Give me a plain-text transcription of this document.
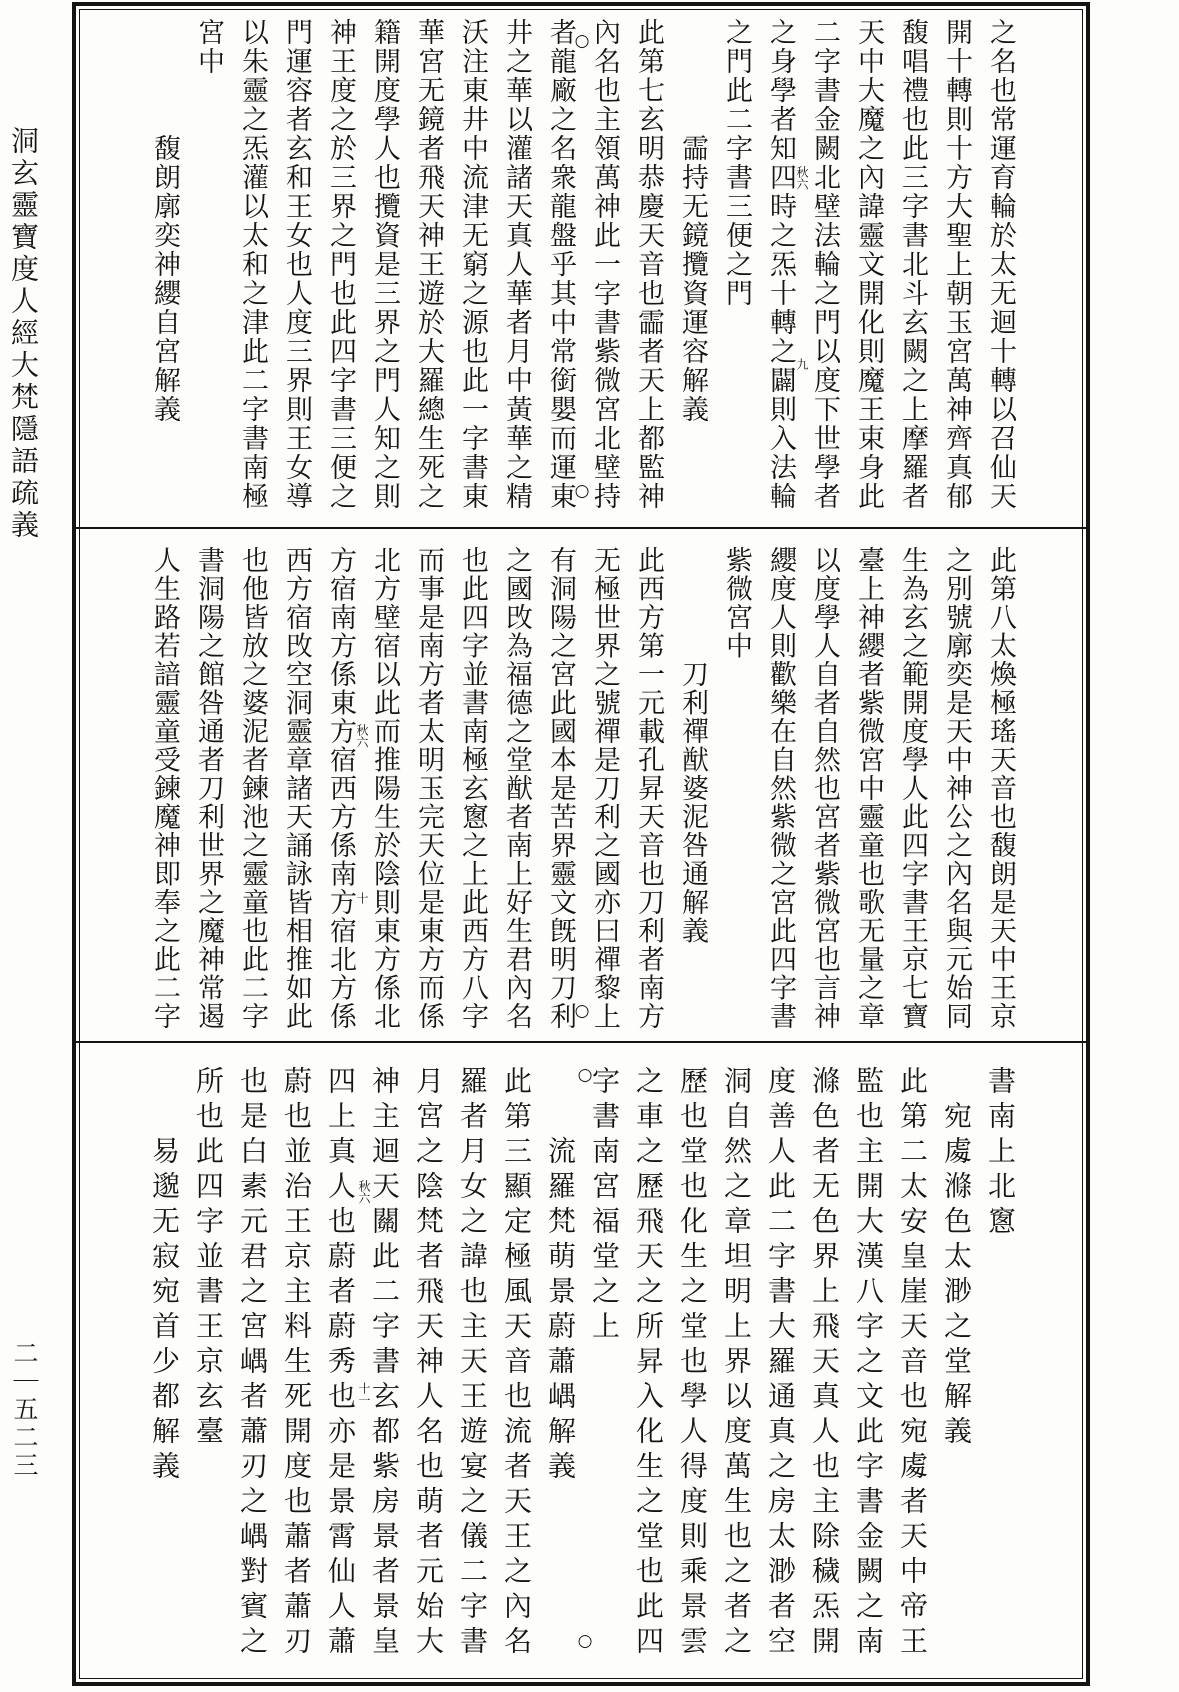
洞玄靈寶度人經大梵隱語疏義
二｜五二三
之名也常運育輪於太无迴十轉以召仙天
開十轉則十方大聖上朝玉宮萬神齊真郁
馥唱禮也此三字書北斗玄闕之上摩羅者
天中大魔之內諱靈文開化則魔王束身此
二字書金闕北壁法輪之門以度下世學者
之身學者知四時之炁十轉之闢則入法輪
之門此二字書三便之門
霝持无鏡攬資運容解義
此第七玄明恭慶天音也霝者天上都監神
內名也主領萬神此一字書紫微宮北壁持
者龍廠之名衆龍盤乎其中常銜嬰而運東
井之華以灌諸天真人華者月中黃華之精
沃注東井中流津无窮之源也此一字書東
華宮无鏡者飛天神王遊於大羅總生死之
籍開度學人也攬資是三界之門人知之則
神王度之於三界之門也此四字書三便之
門運容者玄和王女也人度三界則王女導
以朱靈之炁灌以太和之津此二字書南極
宮中
馥朗廓奕神纓自宮解義	秋六
九
○
○
此第八太煥極瑤天音也馥朗是天中王京
之別號廓奕是天中神公之內名與元始同
生為玄之範開度學人此四字書王京七寶
臺上神纓者紫微宮中靈童也歌无量之章
以度學人自者自然也宮者紫微宮也言神
纓度人則歡樂在自然紫微之宮此四字書
紫微宮中
刀利禪猷婆泥咎通解義
此西方第一元載孔昇天音也刀利者南方
无極世界之號禪是刀利之國亦曰禪黎上
有洞陽之宮此國本是苦界靈文旣明刀利
之國攺為福德之堂猷者南上好生君內名
也此四字並書南極玄窻之上此西方八字
而事是南方者太明玉完天位是東方而係
北方壁宿以此而推陽生於陰則東方係北
方宿南方係東方宿西方係南方宿北方係
西方宿攺空洞靈章諸天誦詠皆相推如此
也他皆放之婆泥者鍊池之靈童也此二字
書洞陽之館咎通者刀利世界之魔神常遏
人生路若諳靈童受鍊魔神即奉之此二字	秋六
十
○
書南上北窻
宛䖏滌色太渺之堂解義
此第二太安皇崖天音也宛䖏者天中帝王
監也主開大漢八字之文此字書金闕之南
滌色者无色界上飛天真人也主除穢炁開
度善人此二字書大羅通真之房太渺者空
洞自然之章坦明上界以度萬生也之者之
歷也堂也化生之堂也學人得度則乘景雲
之車之歷飛天之所昇入化生之堂也此四
字書南宮福堂之上
流羅梵萌景蔚蕭嵎解義
此第三顯定極風天音也流者天王之內名
羅者月女之諱也主天王遊宴之儀二字書
月宮之陰梵者飛天神人名也萌者元始大
神主迴天關此二字書玄都紫房景者景皇
四上真人也蔚者蔚秀也亦是景霄仙人蕭
蔚也並治王京主料生死開度也蕭者蕭刃
也是白素元君之宮嵎者蕭刃之嵎對賓之
所也此四字並書王京玄臺
易邈无寂宛首少都解義	秋六
十一
○
○
